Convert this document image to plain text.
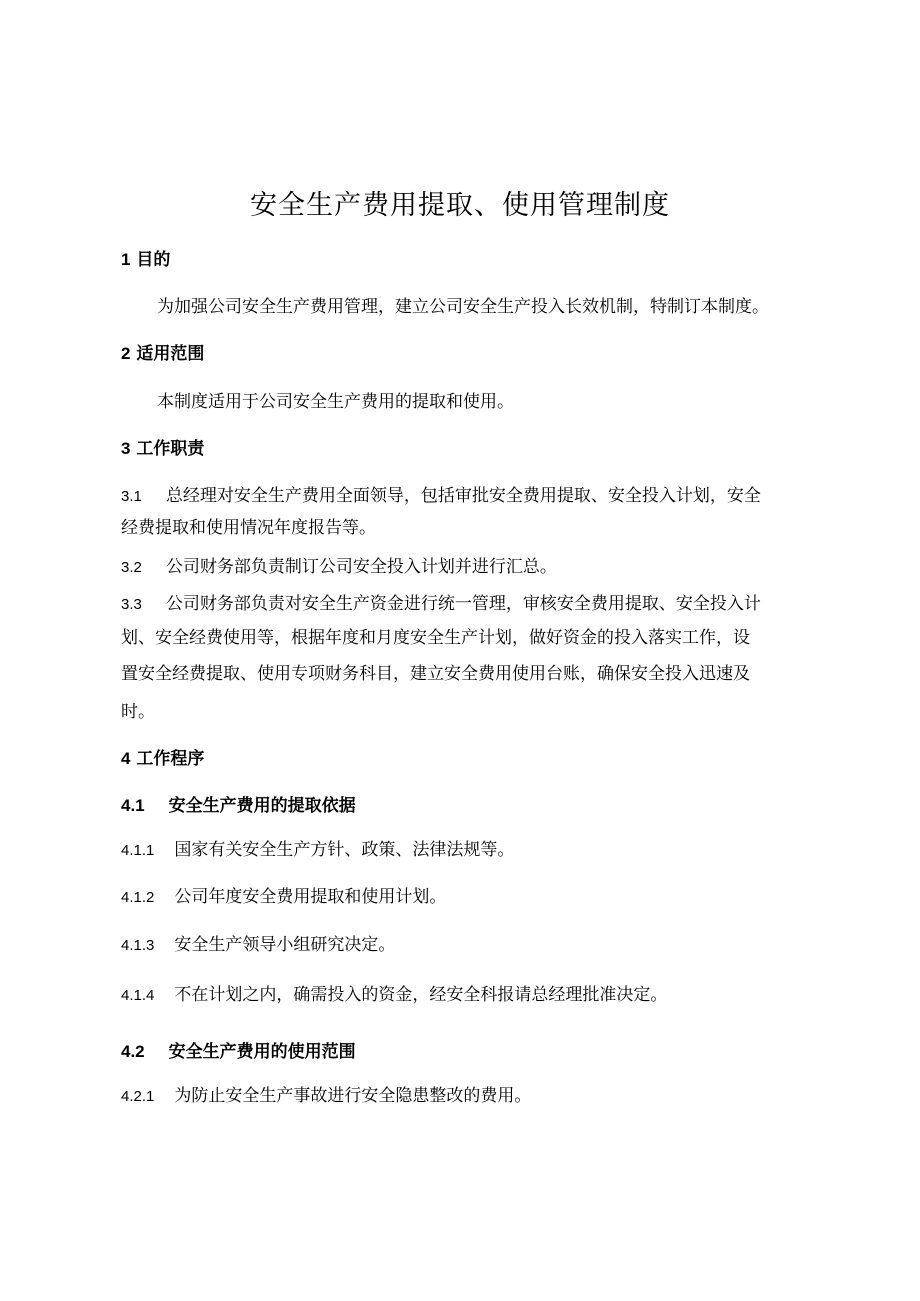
安全生产费用提取、使用管理制度
1 目的
为加强公司安全生产费用管理，建立公司安全生产投入长效机制，特制订本制度。
2 适用范围
本制度适用于公司安全生产费用的提取和使用。
3 工作职责
3.1 总经理对安全生产费用全面领导，包括审批安全费用提取、安全投入计划，安全
经费提取和使用情况年度报告等。
3.2 公司财务部负责制订公司安全投入计划并进行汇总。
3.3 公司财务部负责对安全生产资金进行统一管理，审核安全费用提取、安全投入计
划、安全经费使用等，根据年度和月度安全生产计划，做好资金的投入落实工作，设
置安全经费提取、使用专项财务科目，建立安全费用使用台账，确保安全投入迅速及
时。
4 工作程序
4.1 安全生产费用的提取依据
4.1.1 国家有关安全生产方针、政策、法律法规等。
4.1.2 公司年度安全费用提取和使用计划。
4.1.3 安全生产领导小组研究决定。
4.1.4 不在计划之内，确需投入的资金，经安全科报请总经理批准决定。
4.2 安全生产费用的使用范围
4.2.1 为防止安全生产事故进行安全隐患整改的费用。
